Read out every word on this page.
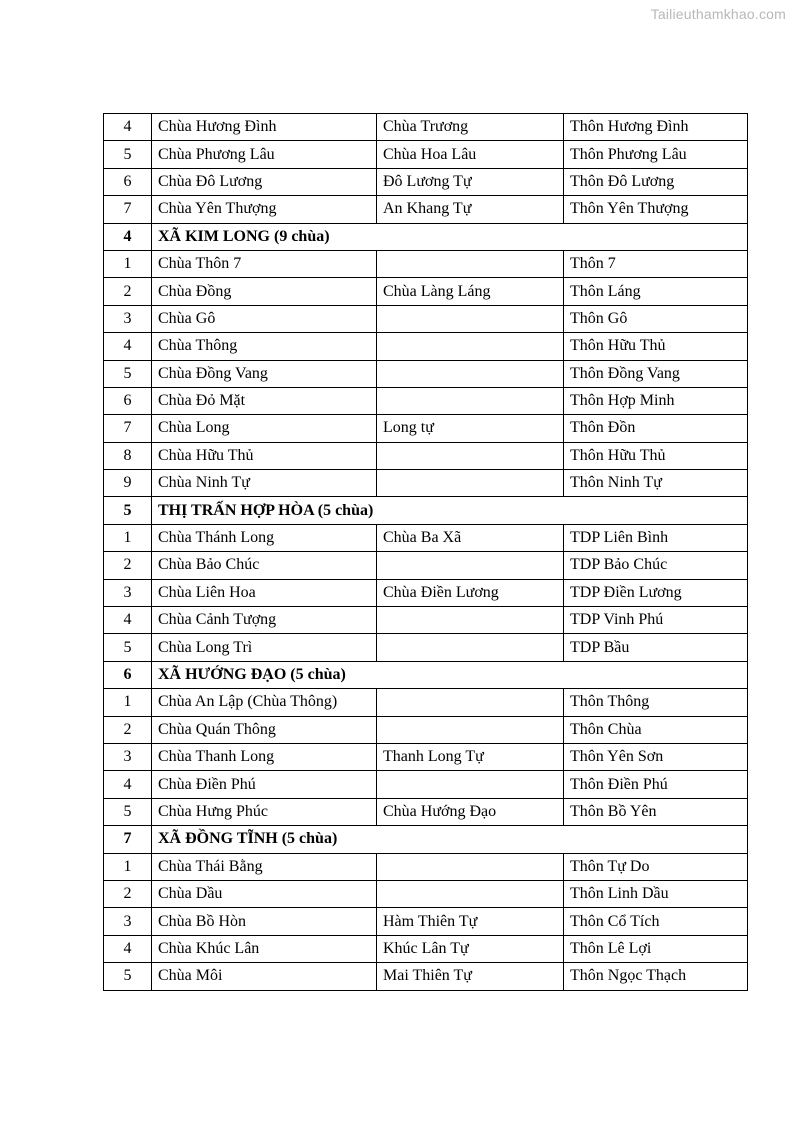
Tailieuthamkhao.com
4	Chùa Hương Đình	Chùa Trương	Thôn Hương Đình
5	Chùa Phương Lâu	Chùa Hoa Lâu	Thôn Phương Lâu
6	Chùa Đô Lương	Đô Lương Tự	Thôn Đô Lương
7	Chùa Yên Thượng	An Khang Tự	Thôn Yên Thượng
4	XÃ KIM LONG (9 chùa)		
1	Chùa Thôn 7		Thôn 7
2	Chùa Đồng	Chùa Làng Láng	Thôn Láng
3	Chùa Gô		Thôn Gô
4	Chùa Thông		Thôn Hữu Thủ
5	Chùa Đồng Vang		Thôn Đồng Vang
6	Chùa Đỏ Mặt		Thôn Hợp Minh
7	Chùa Long	Long tự	Thôn Đồn
8	Chùa Hữu Thủ		Thôn Hữu Thủ
9	Chùa Ninh Tự		Thôn Ninh Tự
5	THỊ TRẤN HỢP HÒA (5 chùa)		
1	Chùa Thánh Long	Chùa Ba Xã	TDP Liên Bình
2	Chùa Bảo Chúc		TDP Bảo Chúc
3	Chùa Liên Hoa	Chùa Điền Lương	TDP Điền Lương
4	Chùa Cảnh Tượng		TDP Vinh Phú
5	Chùa Long Trì		TDP Bầu
6	XÃ HƯỚNG ĐẠO (5 chùa)		
1	Chùa An Lập (Chùa Thông)		Thôn Thông
2	Chùa Quán Thông		Thôn Chùa
3	Chùa Thanh Long	Thanh Long Tự	Thôn Yên Sơn
4	Chùa Điền Phú		Thôn Điền Phú
5	Chùa Hưng Phúc	Chùa Hướng Đạo	Thôn Bồ Yên
7	XÃ ĐỒNG TĨNH (5 chùa)		
1	Chùa Thái Bằng		Thôn Tự Do
2	Chùa Dầu		Thôn Linh Dầu
3	Chùa Bồ Hòn	Hàm Thiên Tự	Thôn Cổ Tích
4	Chùa Khúc Lân	Khúc Lân Tự	Thôn Lê Lợi
5	Chùa Môi	Mai Thiên Tự	Thôn Ngọc Thạch
